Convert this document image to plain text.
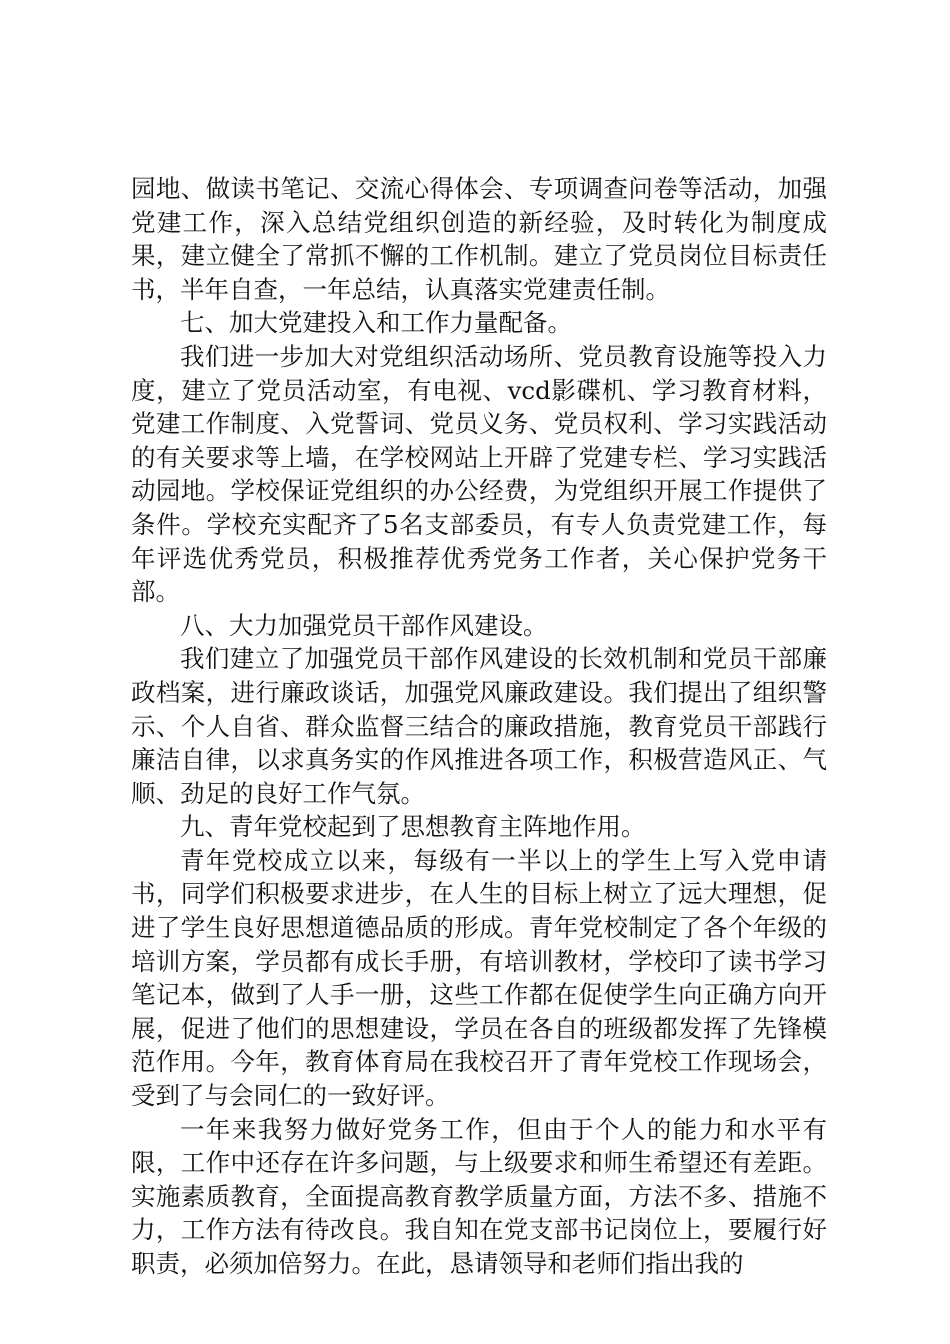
园地、做读书笔记、交流心得体会、专项调查问卷等活动，加强党建工作，深入总结党组织创造的新经验，及时转化为制度成果，建立健全了常抓不懈的工作机制。建立了党员岗位目标责任书，半年自查，一年总结，认真落实党建责任制。

七、加大党建投入和工作力量配备。

我们进一步加大对党组织活动场所、党员教育设施等投入力度，建立了党员活动室，有电视、vcd影碟机、学习教育材料，党建工作制度、入党誓词、党员义务、党员权利、学习实践活动的有关要求等上墙，在学校网站上开辟了党建专栏、学习实践活动园地。学校保证党组织的办公经费，为党组织开展工作提供了条件。学校充实配齐了5名支部委员，有专人负责党建工作，每年评选优秀党员，积极推荐优秀党务工作者，关心保护党务干部。

八、大力加强党员干部作风建设。

我们建立了加强党员干部作风建设的长效机制和党员干部廉政档案，进行廉政谈话，加强党风廉政建设。我们提出了组织警示、个人自省、群众监督三结合的廉政措施，教育党员干部践行廉洁自律，以求真务实的作风推进各项工作，积极营造风正、气顺、劲足的良好工作气氛。

九、青年党校起到了思想教育主阵地作用。

青年党校成立以来，每级有一半以上的学生上写入党申请书，同学们积极要求进步，在人生的目标上树立了远大理想，促进了学生良好思想道德品质的形成。青年党校制定了各个年级的培训方案，学员都有成长手册，有培训教材，学校印了读书学习笔记本，做到了人手一册，这些工作都在促使学生向正确方向开展，促进了他们的思想建设，学员在各自的班级都发挥了先锋模范作用。今年，教育体育局在我校召开了青年党校工作现场会，受到了与会同仁的一致好评。

一年来我努力做好党务工作，但由于个人的能力和水平有限，工作中还存在许多问题，与上级要求和师生希望还有差距。实施素质教育，全面提高教育教学质量方面，方法不多、措施不力，工作方法有待改良。我自知在党支部书记岗位上，要履行好职责，必须加倍努力。在此，恳请领导和老师们指出我的
